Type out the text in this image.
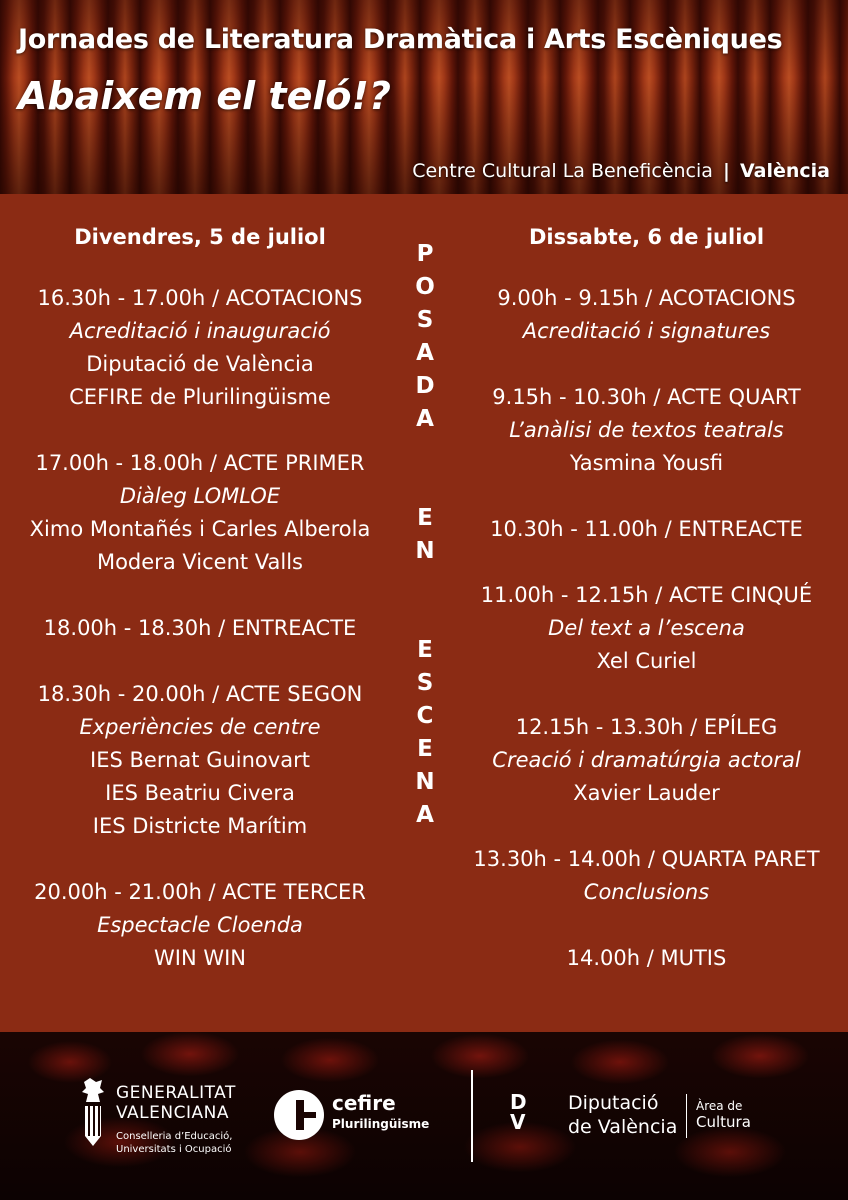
Jornades de Literatura Dramàtica i Arts Escèniques
Abaixem el teló!?
Centre Cultural La Beneficència | València
Divendres, 5 de juliol
16.30h - 17.00h / ACOTACIONS
Acreditació i inauguració
Diputació de València
CEFIRE de Plurilingüisme
17.00h - 18.00h / ACTE PRIMER
Diàleg LOMLOE
Ximo Montañés i Carles Alberola
Modera Vicent Valls
18.00h - 18.30h / ENTREACTE
18.30h - 20.00h / ACTE SEGON
Experiències de centre
IES Bernat Guinovart
IES Beatriu Civera
IES Districte Marítim
20.00h - 21.00h / ACTE TERCER
Espectacle Cloenda
WIN WIN
P
O
S
A
D
A
E
N
E
S
C
E
N
A
Dissabte, 6 de juliol
9.00h - 9.15h / ACOTACIONS
Acreditació i signatures
9.15h - 10.30h / ACTE QUART
L’anàlisi de textos teatrals
Yasmina Yousfi
10.30h - 11.00h / ENTREACTE
11.00h - 12.15h / ACTE CINQUÉ
Del text a l’escena
Xel Curiel
12.15h - 13.30h / EPÍLEG
Creació i dramatúrgia actoral
Xavier Lauder
13.30h - 14.00h / QUARTA PARET
Conclusions
14.00h / MUTIS
GENERALITAT
VALENCIANA
Conselleria d’Educació,
Universitats i Ocupació
cefire
Plurilingüisme
D
V
Diputació
de València
Àrea de
Cultura
